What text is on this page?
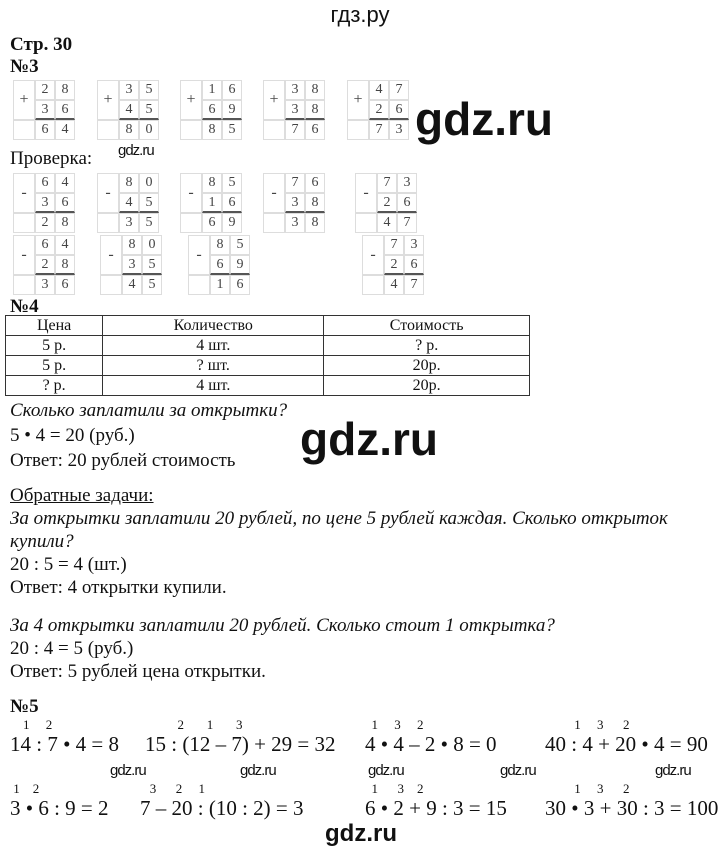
гдз.ру
Стр. 30
№3
+
2 8
3 6
6 4
+
3 5
4 5
8 0
+
1 6
6 9
8 5
+
3 8
3 8
7 6
+
4 7
2 6
7 3
-
6 4
3 6
2 8
-
8 0
4 5
3 5
-
8 5
1 6
6 9
-
7 6
3 8
3 8
-
7 3
2 6
4 7
-
6 4
2 8
3 6
-
8 0
3 5
4 5
-
8 5
6 9
1 6
-
7 3
2 6
4 7
gdz.ru
gdz.ru
Проверка:
№4
Цена	Количество	Стоимость
5 р.	4 шт.	? р.
5 р.	? шт.	20р.
? р.	4 шт.	20р.
Сколько заплатили за открытки?
5 • 4 = 20 (руб.)
Ответ: 20 рублей стоимость gdz.ru
Обратные задачи:
За открытки заплатили 20 рублей, по цене 5 рублей каждая. Сколько открыток
купили?
20 : 5 = 4 (шт.)
Ответ: 4 открытки купили.
За 4 открытки заплатили 20 рублей. Сколько стоит 1 открытка?
20 : 4 = 5 (руб.)
Ответ: 5 рублей цена открытки.
№5
1     2
14 : 7 • 4 = 8
2       1       3
15 : (12 – 7) + 29 = 32
1     3     2
4 • 4 – 2 • 8 = 0
1     3      2
40 : 4 + 20 • 4 = 90
1    2
3 • 6 : 9 = 2
3      2     1
7 – 20 : (10 : 2) = 3
1      3    2
6 • 2 + 9 : 3 = 15
1     3      2
30 • 3 + 30 : 3 = 100
gdz.ru	gdz.ru	gdz.ru	gdz.ru	gdz.ru
gdz.ru
